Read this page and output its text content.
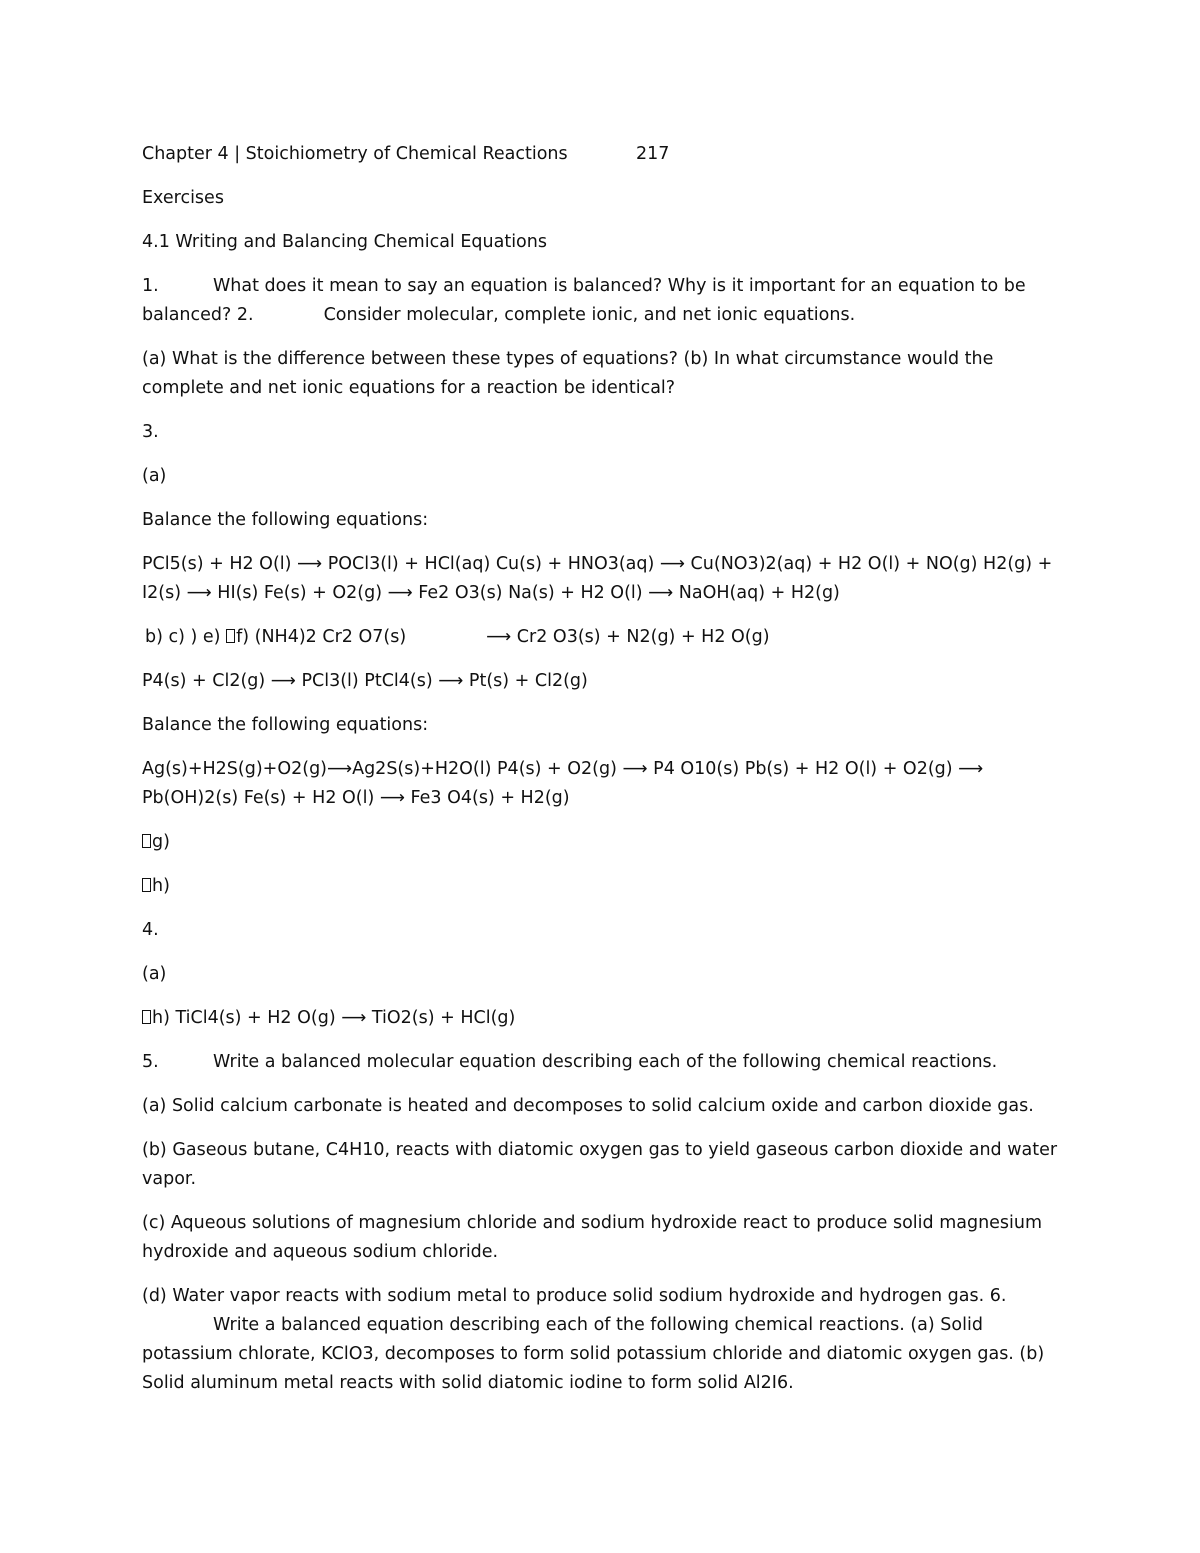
Chapter 4 | Stoichiometry of Chemical Reactions	217

Exercises

4.1 Writing and Balancing Chemical Equations

1.	What does it mean to say an equation is balanced? Why is it important for an equation to be balanced? 2.	Consider molecular, complete ionic, and net ionic equations.

(a) What is the difference between these types of equations? (b) In what circumstance would the complete and net ionic equations for a reaction be identical?

3.

(a)

Balance the following equations:

PCl5(s) + H2 O(l) ⟶ POCl3(l) + HCl(aq) Cu(s) + HNO3(aq) ⟶ Cu(NO3)2(aq) + H2 O(l) + NO(g) H2(g) + I2(s) ⟶ HI(s) Fe(s) + O2(g) ⟶ Fe2 O3(s) Na(s) + H2 O(l) ⟶ NaOH(aq) + H2(g)

b) c) ) e) f) (NH4)2 Cr2 O7(s)	⟶ Cr2 O3(s) + N2(g) + H2 O(g)

P4(s) + Cl2(g) ⟶ PCl3(l) PtCl4(s) ⟶ Pt(s) + Cl2(g)

Balance the following equations:

Ag(s)+H2S(g)+O2(g)⟶Ag2S(s)+H2O(l) P4(s) + O2(g) ⟶ P4 O10(s) Pb(s) + H2 O(l) + O2(g) ⟶ Pb(OH)2(s) Fe(s) + H2 O(l) ⟶ Fe3 O4(s) + H2(g)

g)

h)

4.

(a)

h) TiCl4(s) + H2 O(g) ⟶ TiO2(s) + HCl(g)

5.	Write a balanced molecular equation describing each of the following chemical reactions.

(a) Solid calcium carbonate is heated and decomposes to solid calcium oxide and carbon dioxide gas.

(b) Gaseous butane, C4H10, reacts with diatomic oxygen gas to yield gaseous carbon dioxide and water vapor.

(c) Aqueous solutions of magnesium chloride and sodium hydroxide react to produce solid magnesium hydroxide and aqueous sodium chloride.

(d) Water vapor reacts with sodium metal to produce solid sodium hydroxide and hydrogen gas. 6.

Write a balanced equation describing each of the following chemical reactions. (a) Solid potassium chlorate, KClO3, decomposes to form solid potassium chloride and diatomic oxygen gas. (b) Solid aluminum metal reacts with solid diatomic iodine to form solid Al2I6.
